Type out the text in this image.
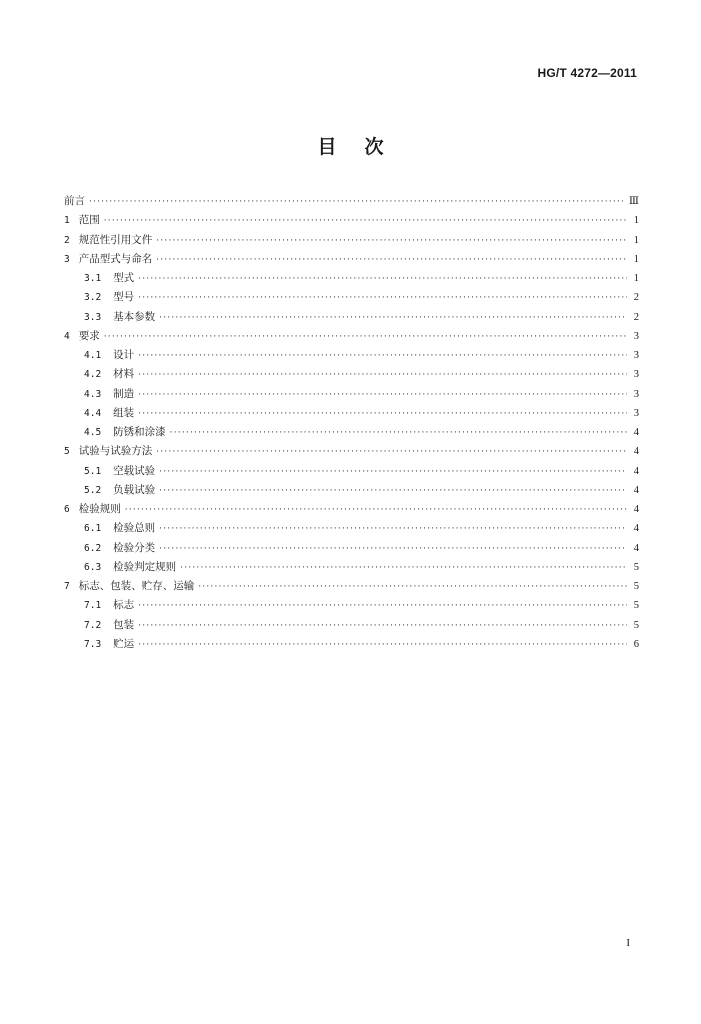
HG/T 4272—2011
目次
前言 ·····	Ⅲ
1 范围 ·····	1
2 规范性引用文件 ·····	1
3 产品型式与命名 ·····	1
3.1 型式 ·····	1
3.2 型号 ·····	2
3.3 基本参数 ·····	2
4 要求 ·····	3
4.1 设计 ·····	3
4.2 材料 ·····	3
4.3 制造 ·····	3
4.4 组装 ·····	3
4.5 防锈和涂漆 ·····	4
5 试验与试验方法 ·····	4
5.1 空载试验 ·····	4
5.2 负载试验 ·····	4
6 检验规则 ·····	4
6.1 检验总则 ·····	4
6.2 检验分类 ·····	4
6.3 检验判定规则 ·····	5
7 标志、包装、贮存、运输 ·····	5
7.1 标志 ·····	5
7.2 包装 ·····	5
7.3 贮运 ·····	6
I
